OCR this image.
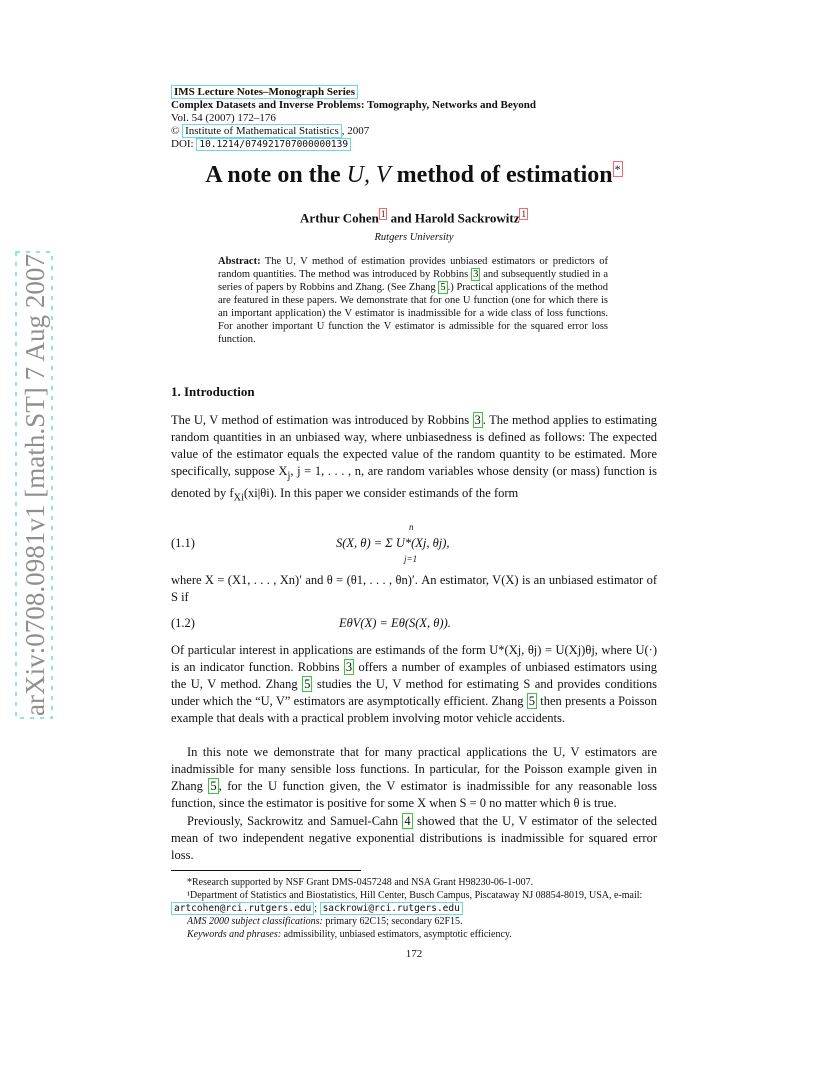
arXiv:0708.0981v1 [math.ST] 7 Aug 2007
IMS Lecture Notes–Monograph Series
Complex Datasets and Inverse Problems: Tomography, Networks and Beyond
Vol. 54 (2007) 172–176
© Institute of Mathematical Statistics , 2007
DOI: 10.1214/074921707000000139
A note on the U, V method of estimation *
Arthur Cohen $^1$ and Harold Sackrowitz $^1$
Rutgers University
Abstract: The U, V method of estimation provides unbiased estimators or predictors of random quantities. The method was introduced by Robbins 3 and subsequently studied in a series of papers by Robbins and Zhang. (See Zhang 5 .) Practical applications of the method are featured in these papers. We demonstrate that for one U function (one for which there is an important application) the V estimator is inadmissible for a wide class of loss functions. For another important U function the V estimator is admissible for the squared error loss function.
1. Introduction
The U, V method of estimation was introduced by Robbins 3 . The method applies to estimating random quantities in an unbiased way, where unbiasedness is defined as follows: The expected value of the estimator equals the expected value of the random quantity to be estimated. More specifically, suppose $X_j$, j = 1, . . . , n, are random variables whose density (or mass) function is denoted by $f_{Xi}(xi|\theta i)$. In this paper we consider estimands of the form
(1.1)
n
S(X, θ) = Σ U*(Xj, θj),
j=1
where X = (X1, . . . , Xn)′ and θ = (θ1, . . . , θn)′. An estimator, V(X) is an unbiased estimator of S if
(1.2)	EθV(X) = Eθ(S(X, θ)).
Of particular interest in applications are estimands of the form U*(Xj, θj) = U(Xj)θj, where U(·) is an indicator function. Robbins 3 offers a number of examples of unbiased estimators using the U, V method. Zhang 5 studies the U, V method for estimating S and provides conditions under which the “U, V” estimators are asymptotically efficient. Zhang 5 then presents a Poisson example that deals with a practical problem involving motor vehicle accidents.
In this note we demonstrate that for many practical applications the U, V estimators are inadmissible for many sensible loss functions. In particular, for the Poisson example given in Zhang 5 , for the U function given, the V estimator is inadmissible for any reasonable loss function, since the estimator is positive for some X when S = 0 no matter which θ is true.
Previously, Sackrowitz and Samuel-Cahn 4 showed that the U, V estimator of the selected mean of two independent negative exponential distributions is inadmissible for squared error loss.
*Research supported by NSF Grant DMS-0457248 and NSA Grant H98230-06-1-007.
¹Department of Statistics and Biostatistics, Hill Center, Busch Campus, Piscataway NJ 08854-8019, USA, e-mail: artcohen@rci.rutgers.edu ; sackrowi@rci.rutgers.edu
AMS 2000 subject classifications: primary 62C15; secondary 62F15.
Keywords and phrases: admissibility, unbiased estimators, asymptotic efficiency.
172
